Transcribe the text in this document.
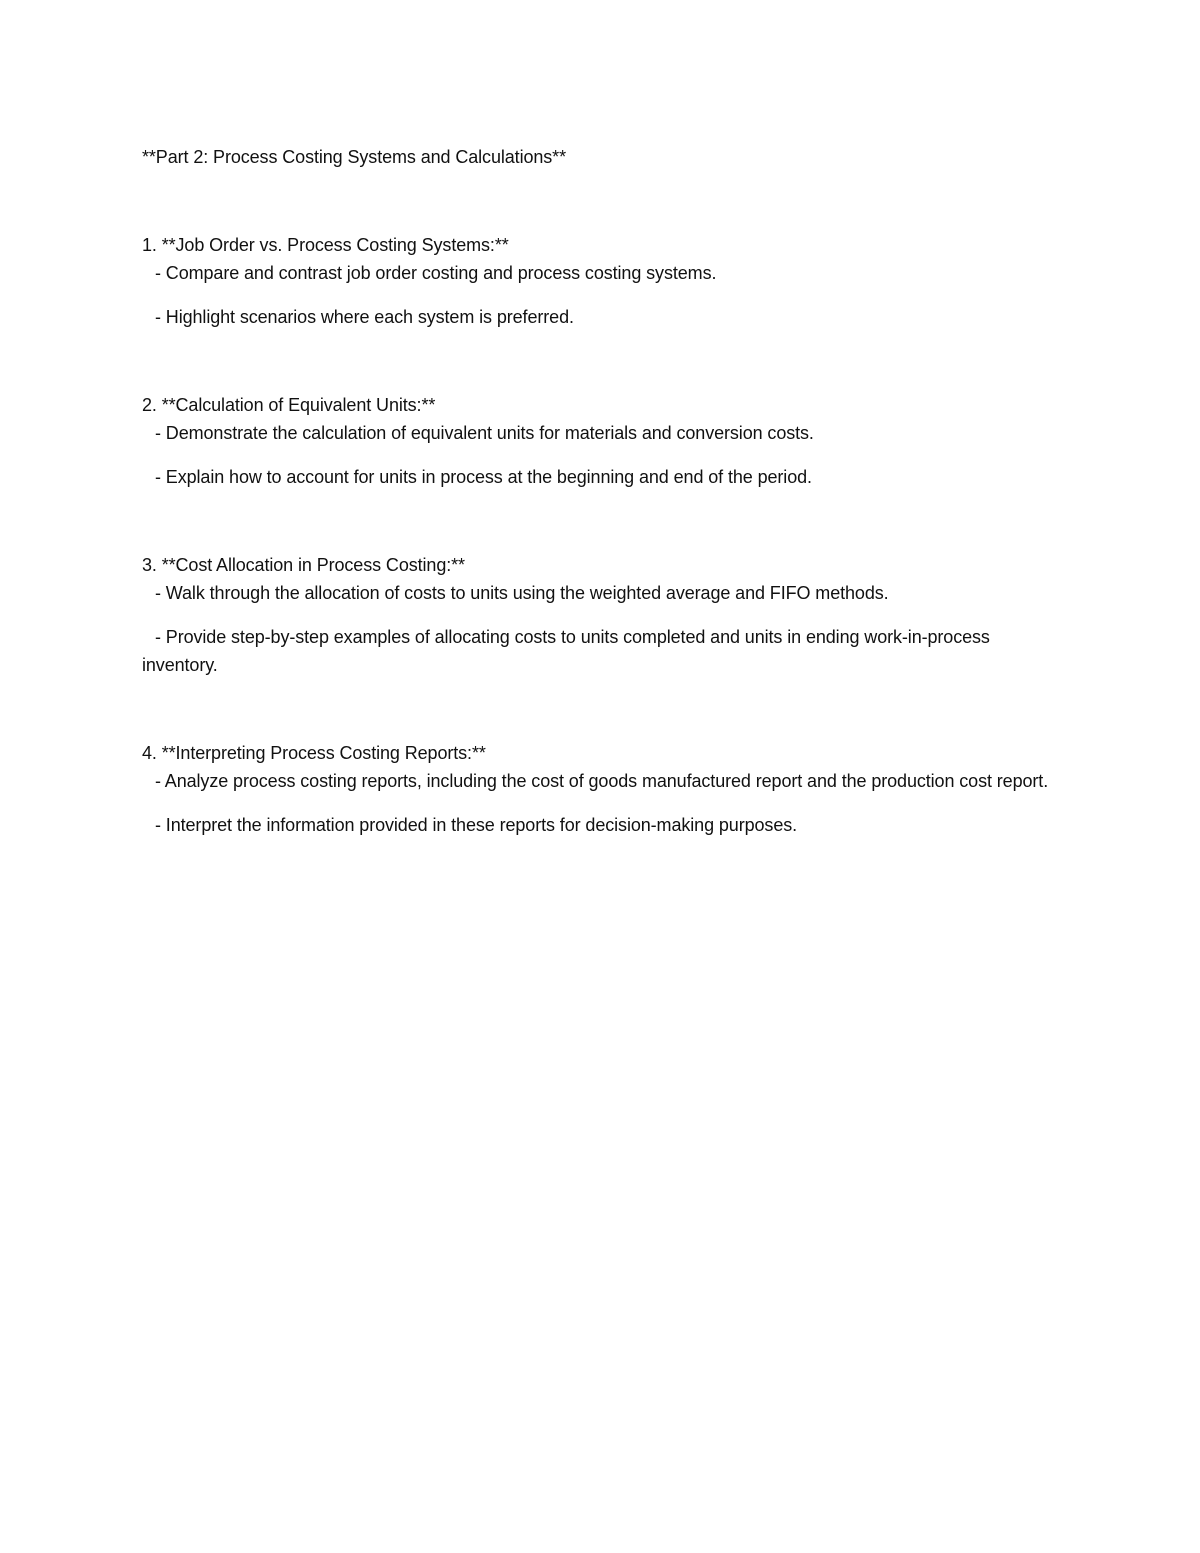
**Part 2: Process Costing Systems and Calculations**

1. **Job Order vs. Process Costing Systems:**

- Compare and contrast job order costing and process costing systems.

- Highlight scenarios where each system is preferred.

2. **Calculation of Equivalent Units:**

- Demonstrate the calculation of equivalent units for materials and conversion costs.

- Explain how to account for units in process at the beginning and end of the period.

3. **Cost Allocation in Process Costing:**

- Walk through the allocation of costs to units using the weighted average and FIFO methods.

- Provide step-by-step examples of allocating costs to units completed and units in ending work-in-process inventory.

4. **Interpreting Process Costing Reports:**

- Analyze process costing reports, including the cost of goods manufactured report and the production cost report.

- Interpret the information provided in these reports for decision-making purposes.
